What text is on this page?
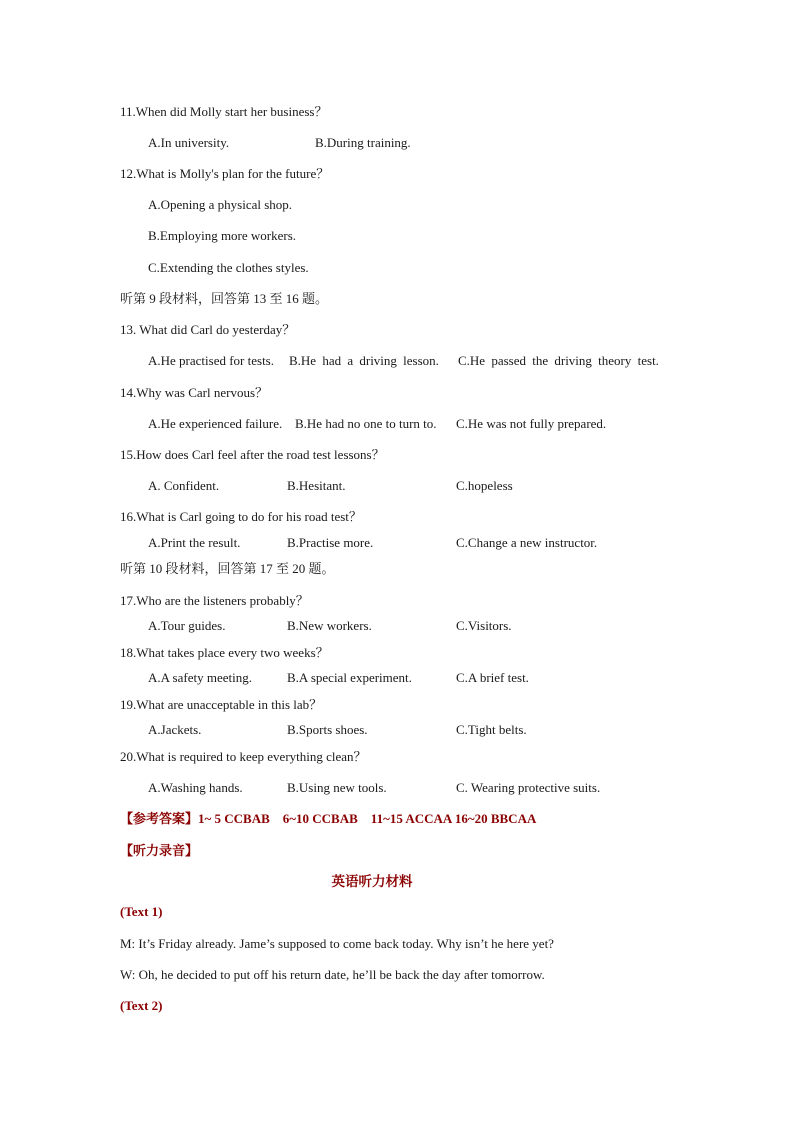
11.When did Molly start her business？
A.In university.	B.During training.
12.What is Molly's plan for the future？
A.Opening a physical shop.
B.Employing more workers.
C.Extending the clothes styles.
听第 9 段材料，回答第 13 至 16 题。
13. What did Carl do yesterday？
A.He practised for tests. B.He had a driving lesson. C.He passed the driving theory test.
14.Why was Carl nervous？
A.He experienced failure. B.He had no one to turn to. C.He was not fully prepared.
15.How does Carl feel after the road test lessons？
A. Confident.	B.Hesitant.	C.hopeless
16.What is Carl going to do for his road test？
A.Print the result.	B.Practise more.	C.Change a new instructor.
听第 10 段材料，回答第 17 至 20 题。
17.Who are the listeners probably？
A.Tour guides.	B.New workers.	C.Visitors.
18.What takes place every two weeks？
A.A safety meeting.	B.A special experiment.	C.A brief test.
19.What are unacceptable in this lab？
A.Jackets.	B.Sports shoes.	C.Tight belts.
20.What is required to keep everything clean？
A.Washing hands.	B.Using new tools.	C. Wearing protective suits.
【参考答案】1~ 5 CCBAB　6~10 CCBAB　11~15 ACCAA 16~20 BBCAA
【听力录音】
英语听力材料
(Text 1)
M: It’s Friday already. Jame’s supposed to come back today. Why isn’t he here yet?
W: Oh, he decided to put off his return date, he’ll be back the day after tomorrow.
(Text 2)
